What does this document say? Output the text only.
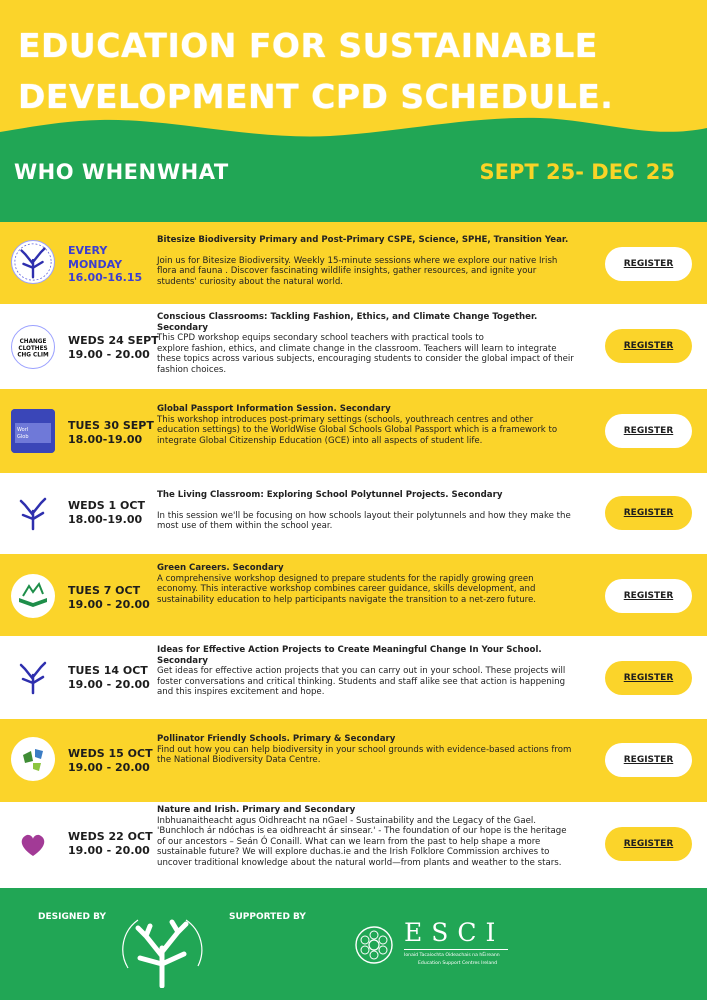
EDUCATION FOR SUSTAINABLE DEVELOPMENT CPD SCHEDULE.
WHO WHEN WHAT	SEPT 25- DEC 25
EVERY
MONDAY
16.00-16.15
Bitesize Biodiversity Primary and Post-Primary CSPE, Science, SPHE, Transition Year.
Join us for Bitesize Biodiversity. Weekly 15-minute sessions where we explore our native Irish flora and fauna . Discover fascinating wildlife insights, gather resources, and ignite your students' curiosity about the natural world.
REGISTER
CHANGE
CLOTHES
CHG CLIM
WEDS 24 SEPT
19.00 - 20.00
Conscious Classrooms: Tackling Fashion, Ethics, and Climate Change Together. Secondary
This CPD workshop equips secondary school teachers with practical tools to
explore fashion, ethics, and climate change in the classroom. Teachers will learn to integrate these topics across various subjects, encouraging students to consider the global impact of their fashion choices.
REGISTER
Worl
Glob
TUES 30 SEPT
18.00-19.00
Global Passport Information Session. Secondary
This workshop introduces post-primary settings (schools, youthreach centres and other education settings) to the WorldWise Global Schools Global Passport which is a framework to integrate Global Citizenship Education (GCE) into all aspects of student life.
REGISTER
WEDS 1 OCT
18.00-19.00
The Living Classroom: Exploring School Polytunnel Projects. Secondary
In this session we'll be focusing on how schools layout their polytunnels and how they make the most use of them within the school year.
REGISTER
TUES 7 OCT
19.00 - 20.00
Green Careers. Secondary
A comprehensive workshop designed to prepare students for the rapidly growing green economy. This interactive workshop combines career guidance, skills development, and sustainability education to help participants navigate the transition to a net-zero future.	REGISTER
TUES 14 OCT
19.00 - 20.00
Ideas for Effective Action Projects to Create Meaningful Change In Your School. Secondary
Get ideas for effective action projects that you can carry out in your school. These projects will foster conversations and critical thinking. Students and staff alike see that action is happening and this inspires excitement and hope.
REGISTER
WEDS 15 OCT
19.00 - 20.00
Pollinator Friendly Schools. Primary & Secondary
Find out how you can help biodiversity in your school grounds with evidence-based actions from the National Biodiversity Data Centre.	REGISTER
WEDS 22 OCT
19.00 - 20.00
Nature and Irish. Primary and Secondary
Inbhuanaitheacht agus Oidhreacht na nGael - Sustainability and the Legacy of the Gael.
'Bunchloch ár ndóchas is ea oidhreacht ár sinsear.' - The foundation of our hope is the heritage of our ancestors – Seán Ó Conaill. What can we learn from the past to help shape a more sustainable future? We will explore duchas.ie and the Irish Folklore Commission archives to uncover traditional knowledge about the natural world—from plants and weather to the stars.
REGISTER
DESIGNED BY	SUPPORTED BY
ESCI
Ionaid Tacaíochta Oideachais na hÉireann
Education Support Centres Ireland
